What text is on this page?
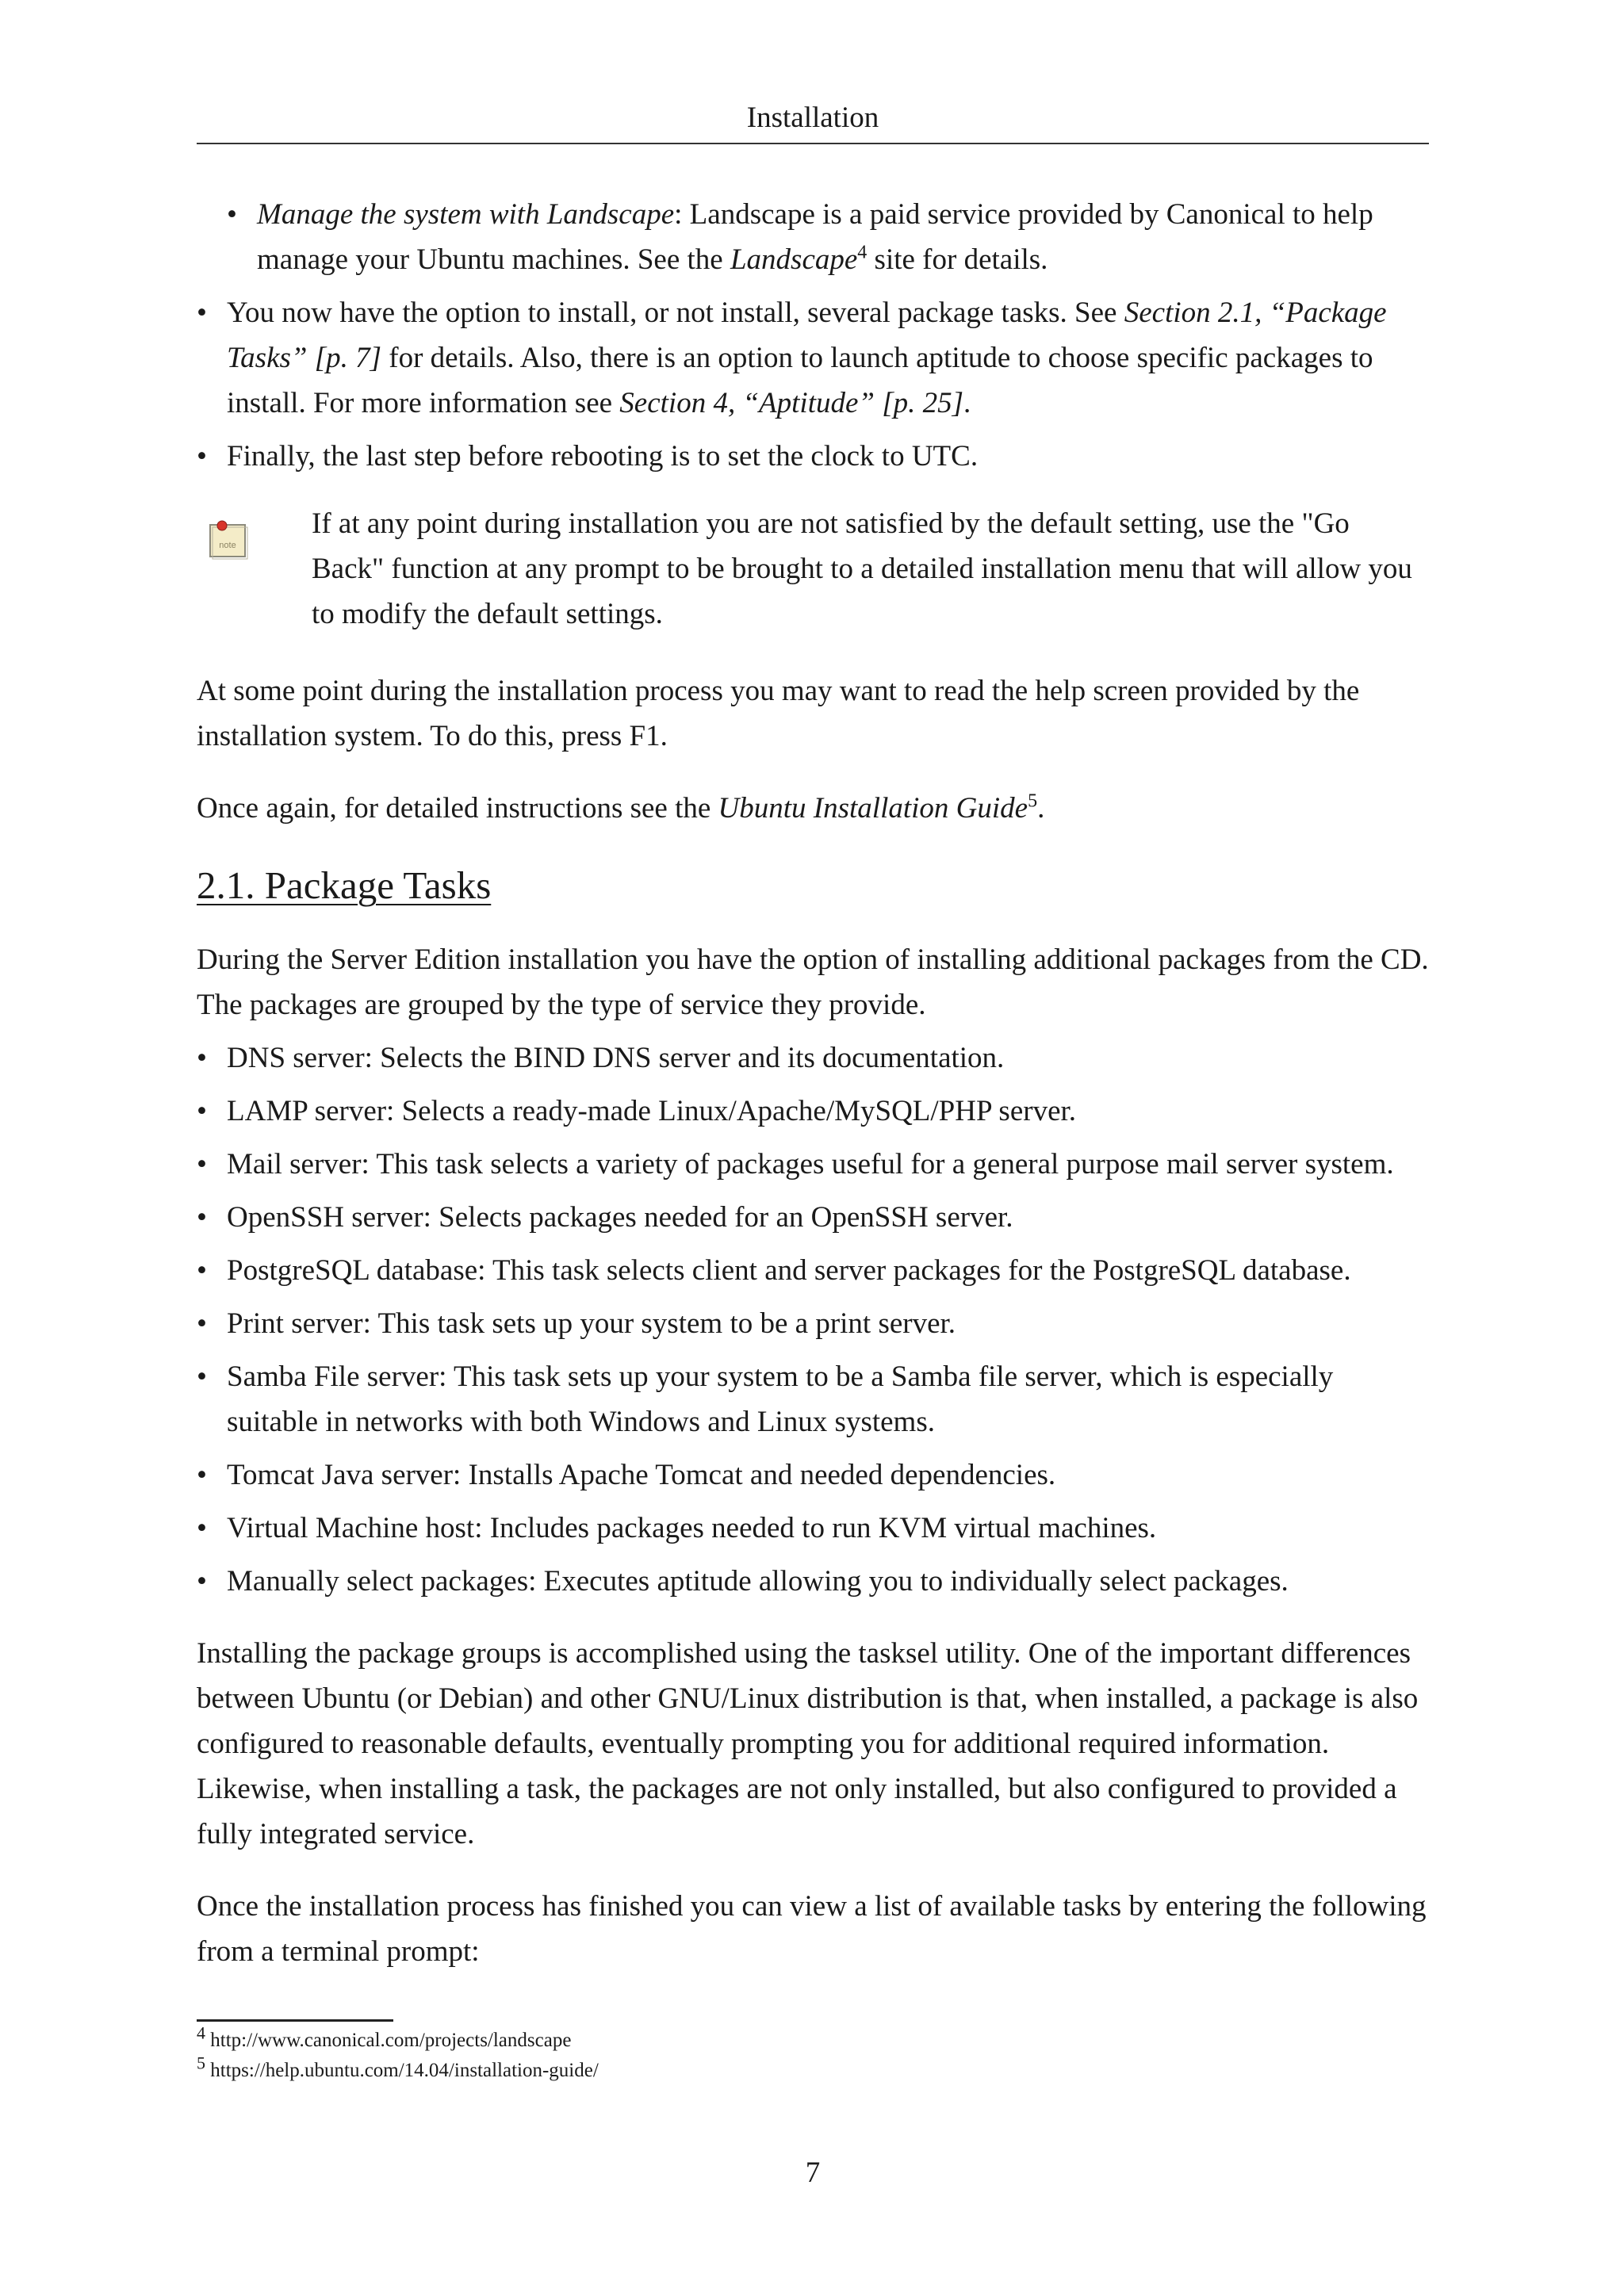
Installation
• Manage the system with Landscape: Landscape is a paid service provided by Canonical to help manage your Ubuntu machines. See the Landscape$^4$ site for details.
• You now have the option to install, or not install, several package tasks. See Section 2.1, “Package Tasks” [p. 7] for details. Also, there is an option to launch aptitude to choose specific packages to install. For more information see Section 4, “Aptitude” [p. 25].
• Finally, the last step before rebooting is to set the clock to UTC.
note
If at any point during installation you are not satisfied by the default setting, use the "Go Back" function at any prompt to be brought to a detailed installation menu that will allow you to modify the default settings.

At some point during the installation process you may want to read the help screen provided by the installation system. To do this, press F1.

Once again, for detailed instructions see the Ubuntu Installation Guide$^5$.

2.1. Package Tasks

During the Server Edition installation you have the option of installing additional packages from the CD. The packages are grouped by the type of service they provide.

• DNS server: Selects the BIND DNS server and its documentation.
• LAMP server: Selects a ready-made Linux/Apache/MySQL/PHP server.
• Mail server: This task selects a variety of packages useful for a general purpose mail server system.
• OpenSSH server: Selects packages needed for an OpenSSH server.
• PostgreSQL database: This task selects client and server packages for the PostgreSQL database.
• Print server: This task sets up your system to be a print server.
• Samba File server: This task sets up your system to be a Samba file server, which is especially suitable in networks with both Windows and Linux systems.
• Tomcat Java server: Installs Apache Tomcat and needed dependencies.
• Virtual Machine host: Includes packages needed to run KVM virtual machines.
• Manually select packages: Executes aptitude allowing you to individually select packages.

Installing the package groups is accomplished using the tasksel utility. One of the important differences between Ubuntu (or Debian) and other GNU/Linux distribution is that, when installed, a package is also configured to reasonable defaults, eventually prompting you for additional required information. Likewise, when installing a task, the packages are not only installed, but also configured to provided a fully integrated service.

Once the installation process has finished you can view a list of available tasks by entering the following from a terminal prompt:

$^4$ http://www.canonical.com/projects/landscape
$^5$ https://help.ubuntu.com/14.04/installation-guide/
7
